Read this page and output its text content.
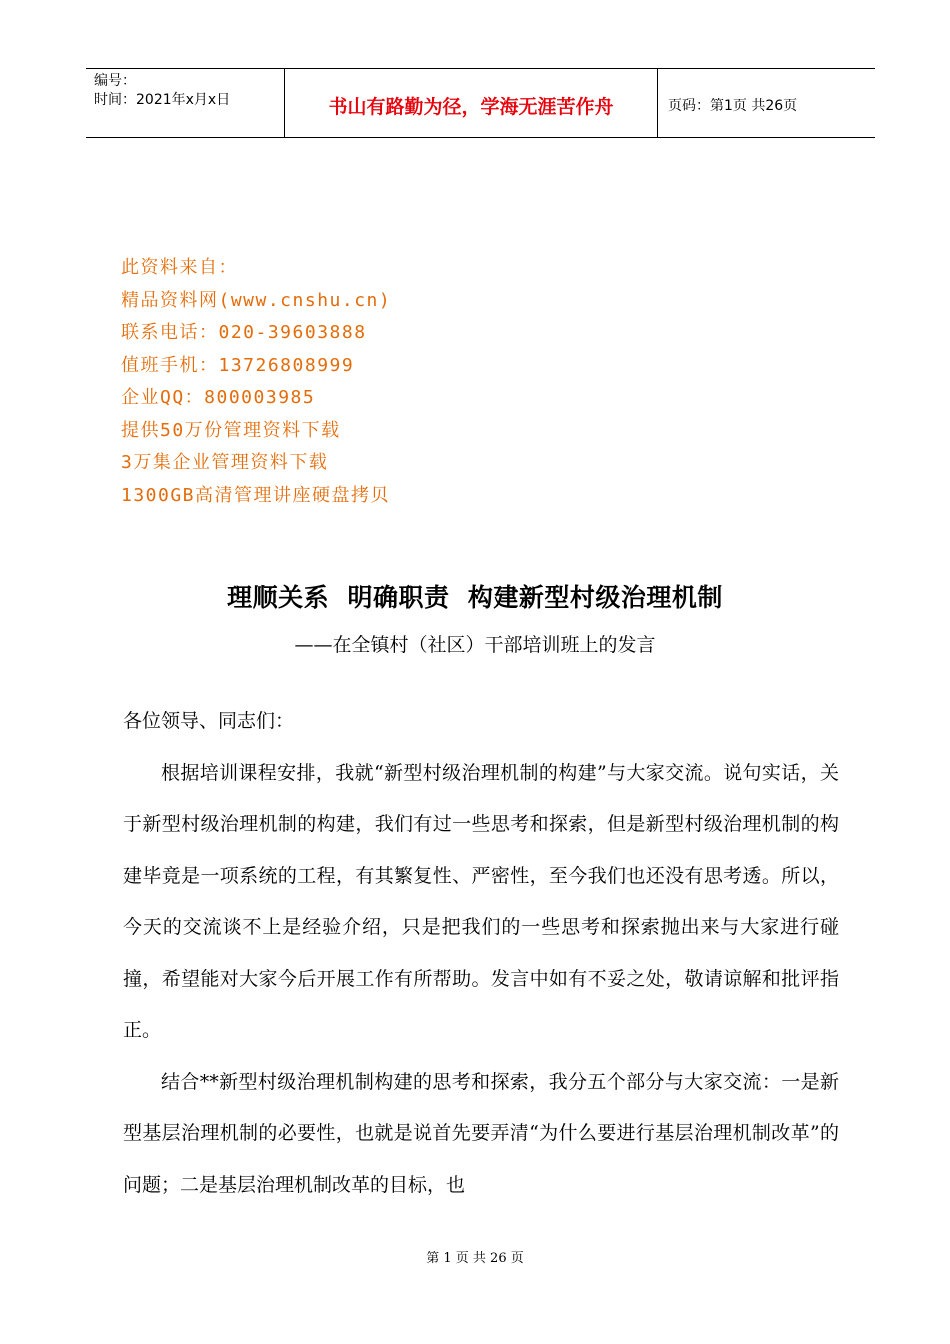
编号：
时间：2021年x月x日	书山有路勤为径，学海无涯苦作舟	页码：第1页 共26页
此资料来自：
精品资料网(www.cnshu.cn)
联系电话：020-39603888
值班手机：13726808999
企业QQ：800003985
提供50万份管理资料下载
3万集企业管理资料下载
1300GB高清管理讲座硬盘拷贝
理顺关系  明确职责  构建新型村级治理机制
——在全镇村（社区）干部培训班上的发言
各位领导、同志们：

根据培训课程安排，我就“新型村级治理机制的构建”与大家交流。说句实话，关于新型村级治理机制的构建，我们有过一些思考和探索，但是新型村级治理机制的构建毕竟是一项系统的工程，有其繁复性、严密性，至今我们也还没有思考透。所以，今天的交流谈不上是经验介绍，只是把我们的一些思考和探索抛出来与大家进行碰撞，希望能对大家今后开展工作有所帮助。发言中如有不妥之处，敬请谅解和批评指正。

结合**新型村级治理机制构建的思考和探索，我分五个部分与大家交流：一是新型基层治理机制的必要性，也就是说首先要弄清“为什么要进行基层治理机制改革”的问题；二是基层治理机制改革的目标，也

第 1 页 共 26 页
